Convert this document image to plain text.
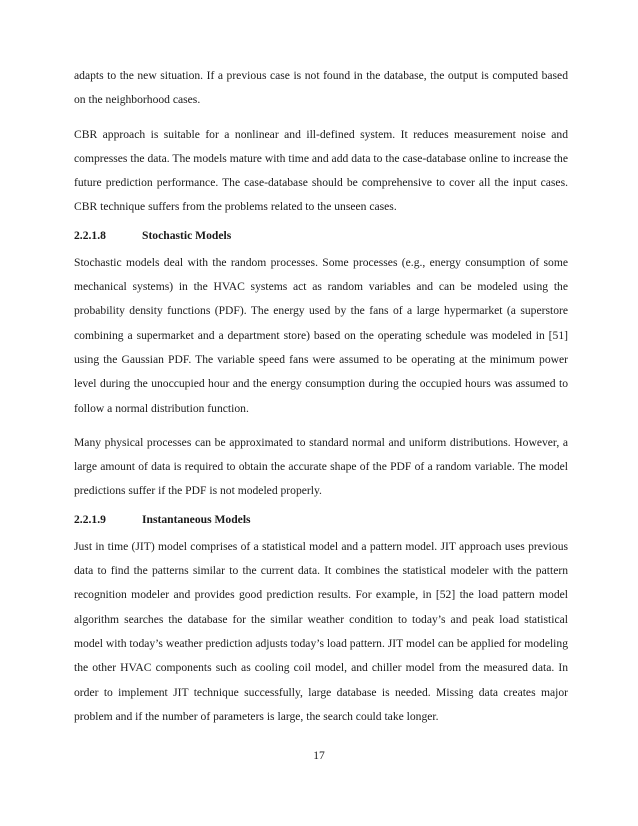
adapts to the new situation. If a previous case is not found in the database, the output is computed based on the neighborhood cases.

CBR approach is suitable for a nonlinear and ill-defined system. It reduces measurement noise and compresses the data. The models mature with time and add data to the case-database online to increase the future prediction performance. The case-database should be comprehensive to cover all the input cases. CBR technique suffers from the problems related to the unseen cases.

2.2.1.8	Stochastic Models

Stochastic models deal with the random processes. Some processes (e.g., energy consumption of some mechanical systems) in the HVAC systems act as random variables and can be modeled using the probability density functions (PDF). The energy used by the fans of a large hypermarket (a superstore combining a supermarket and a department store) based on the operating schedule was modeled in [51] using the Gaussian PDF. The variable speed fans were assumed to be operating at the minimum power level during the unoccupied hour and the energy consumption during the occupied hours was assumed to follow a normal distribution function.

Many physical processes can be approximated to standard normal and uniform distributions. However, a large amount of data is required to obtain the accurate shape of the PDF of a random variable. The model predictions suffer if the PDF is not modeled properly.

2.2.1.9	Instantaneous Models

Just in time (JIT) model comprises of a statistical model and a pattern model. JIT approach uses previous data to find the patterns similar to the current data. It combines the statistical modeler with the pattern recognition modeler and provides good prediction results. For example, in [52] the load pattern model algorithm searches the database for the similar weather condition to today’s and peak load statistical model with today’s weather prediction adjusts today’s load pattern. JIT model can be applied for modeling the other HVAC components such as cooling coil model, and chiller model from the measured data. In order to implement JIT technique successfully, large database is needed. Missing data creates major problem and if the number of parameters is large, the search could take longer.

17
